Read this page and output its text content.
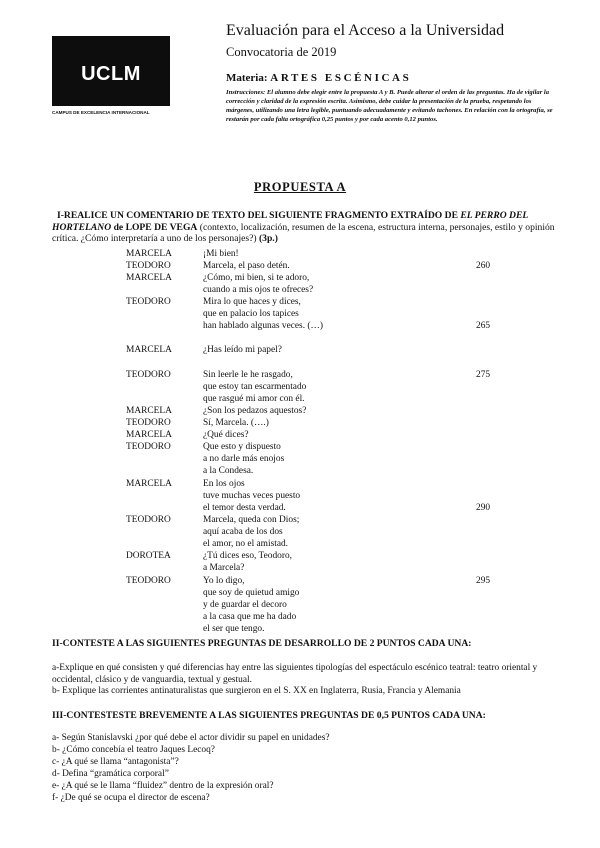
UCLM
CAMPUS DE EXCELENCIA INTERNACIONAL
Evaluación para el Acceso a la Universidad
Convocatoria de 2019
Materia: ARTES ESCÉNICAS
Instrucciones: El alumno debe elegir entre la propuesta A y B. Puede alterar el orden de las preguntas. Ha de vigilar la corrección y claridad de la expresión escrita. Asimismo, debe cuidar la presentación de la prueba, respetando los márgenes, utilizando una letra legible, puntuando adecuadamente y evitando tachones. En relación con la ortografía, se restarán por cada falta ortográfica 0,25 puntos y por cada acento 0,12 puntos.
PROPUESTA A
I-REALICE UN COMENTARIO DE TEXTO DEL SIGUIENTE FRAGMENTO EXTRAÍDO DE EL PERRO DEL HORTELANO de LOPE DE VEGA (contexto, localización, resumen de la escena, estructura interna, personajes, estilo y opinión crítica. ¿Cómo interpretaría a uno de los personajes?) (3p.)
MARCELA	¡Mi bien!
TEODORO	Marcela, el paso detén.	260
MARCELA	¿Cómo, mi bien, si te adoro,
cuando a mis ojos te ofreces?
TEODORO	Mira lo que haces y dices,
que en palacio los tapices
han hablado algunas veces. (…)	265
MARCELA	¿Has leído mi papel?
TEODORO	Sin leerle le he rasgado,	275
que estoy tan escarmentado
que rasgué mi amor con él.
MARCELA	¿Son los pedazos aquestos?
TEODORO	Sí, Marcela. (….)
MARCELA	¿Qué dices?
TEODORO	Que esto y dispuesto
a no darle más enojos
a la Condesa.
MARCELA	En los ojos
tuve muchas veces puesto
el temor desta verdad.	290
TEODORO	Marcela, queda con Dios;
aquí acaba de los dos
el amor, no el amistad.
DOROTEA	¿Tú dices eso, Teodoro,
a Marcela?
TEODORO	Yo lo digo,	295
que soy de quietud amigo
y de guardar el decoro
a la casa que me ha dado
el ser que tengo.
II-CONTESTE A LAS SIGUIENTES PREGUNTAS DE DESARROLLO DE 2 PUNTOS CADA UNA:
a-Explique en qué consisten y qué diferencias hay entre las siguientes tipologías del espectáculo escénico teatral: teatro oriental y occidental, clásico y de vanguardia, textual y gestual.
b- Explique las corrientes antinaturalistas que surgieron en el S. XX en Inglaterra, Rusia, Francia y Alemania
III-CONTESTESTE BREVEMENTE A LAS SIGUIENTES PREGUNTAS DE 0,5 PUNTOS CADA UNA:
a- Según Stanislavski ¿por qué debe el actor dividir su papel en unidades?
b- ¿Cómo concebía el teatro Jaques Lecoq?
c- ¿A qué se llama “antagonista”?
d- Defina “gramática corporal”
e- ¿A qué se le llama “fluidez” dentro de la expresión oral?
f- ¿De qué se ocupa el director de escena?
